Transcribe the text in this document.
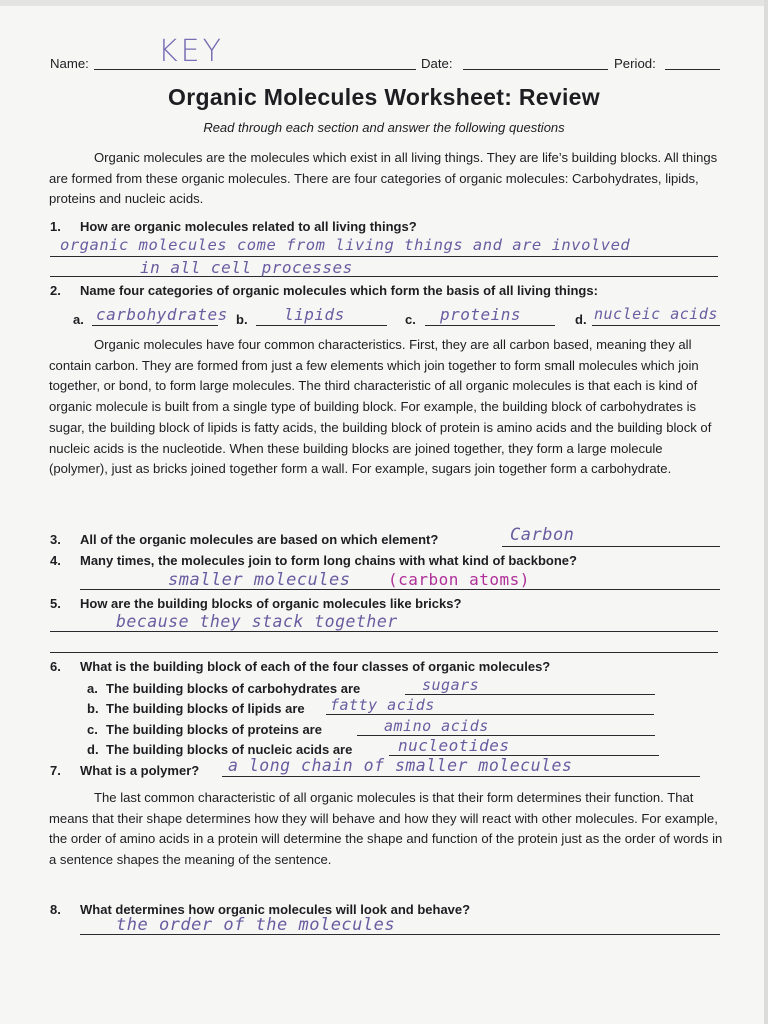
Name: KEY	Date:	Period:
Organic Molecules Worksheet: Review
Read through each section and answer the following questions

Organic molecules are the molecules which exist in all living things. They are life’s building blocks. All things are formed from these organic molecules. There are four categories of organic molecules: Carbohydrates, lipids, proteins and nucleic acids.

1. How are organic molecules related to all living things?
organic molecules come from living things and are involved
in all cell processes
2. Name four categories of organic molecules which form the basis of all living things:
a. carbohydrates b. lipids	c. proteins	d. nucleic acids

Organic molecules have four common characteristics. First, they are all carbon based, meaning they all contain carbon. They are formed from just a few elements which join together to form small molecules which join together, or bond, to form large molecules. The third characteristic of all organic molecules is that each is kind of organic molecule is built from a single type of building block. For example, the building block of carbohydrates is sugar, the building block of lipids is fatty acids, the building block of protein is amino acids and the building block of nucleic acids is the nucleotide. When these building blocks are joined together, they form a large molecule (polymer), just as bricks joined together form a wall. For example, sugars join together form a carbohydrate.

3. All of the organic molecules are based on which element?	Carbon
4. Many times, the molecules join to form long chains with what kind of backbone?
smaller molecules (carbon atoms)
5. How are the building blocks of organic molecules like bricks?
because they stack together
6. What is the building block of each of the four classes of organic molecules?
a. The building blocks of carbohydrates are	sugars
b. The building blocks of lipids are fatty acids
c. The building blocks of proteins are	amino acids
d. The building blocks of nucleic acids are	nucleotides
7. What is a polymer? a long chain of smaller molecules

The last common characteristic of all organic molecules is that their form determines their function. That means that their shape determines how they will behave and how they will react with other molecules. For example, the order of amino acids in a protein will determine the shape and function of the protein just as the order of words in a sentence shapes the meaning of the sentence.

8. What determines how organic molecules will look and behave?
the order of the molecules
